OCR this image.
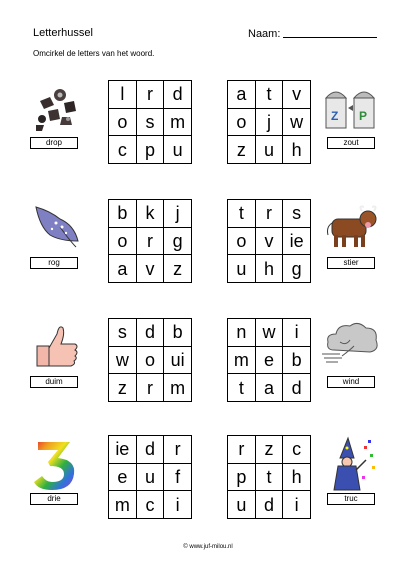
Letterhussel	Naam:
Omcirkel de letters van het woord.
drop
l	r	d
o	s m
c	p u
a	t	v
o	j	w
z	u h
Z P
zout
rog
b	k	j
o	r	g
a	v	z
t	r	s
o	v ie
u h g	stier
duim
s	d b
w o ui
z	r m
n w	i
m e b
t	a d	wind
drie
ie d	r
e u	f
m c	i
r	z	c
p	t	h
u d	i	truc
© www.juf-milou.nl
